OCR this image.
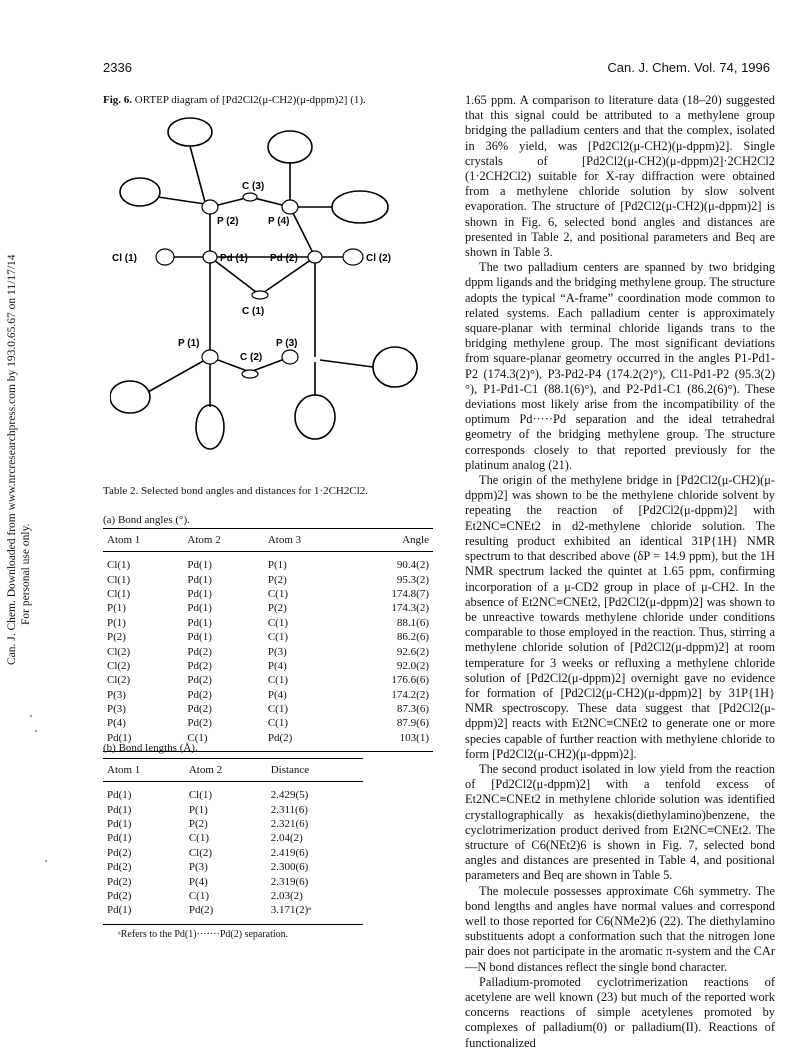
2336	Can. J. Chem. Vol. 74, 1996
Can. J. Chem. Downloaded from www.nrcresearchpress.com by 193.0.65.67 on 11/17/14 For personal use only.
Fig. 6. ORTEP diagram of [Pd2Cl2(μ-CH2)(μ-dppm)2] (1).
P (2)
C (3)
P (4)
Cl (1)	Pd (1) Pd (2)	Cl (2)
C (1)
P (1)	P (3)
C (2)
Table 2. Selected bond angles and distances for 1·2CH2Cl2.
(a) Bond angles (°).
Atom 1	Atom 2	Atom 3	Angle
Cl(1)	Pd(1)	P(1)	90.4(2)
Cl(1)	Pd(1)	P(2)	95.3(2)
Cl(1)	Pd(1)	C(1)	174.8(7)
P(1)	Pd(1)	P(2)	174.3(2)
P(1)	Pd(1)	C(1)	88.1(6)
P(2)	Pd(1)	C(1)	86.2(6)
Cl(2)	Pd(2)	P(3)	92.6(2)
Cl(2)	Pd(2)	P(4)	92.0(2)
Cl(2)	Pd(2)	C(1)	176.6(6)
P(3)	Pd(2)	P(4)	174.2(2)
P(3)	Pd(2)	C(1)	87.3(6)
P(4)	Pd(2)	C(1)	87.9(6)
Pd(1)	C(1)	Pd(2)	103(1)
(b) Bond lengths (Å).
Atom 1	Atom 2	Distance
Pd(1)	Cl(1)	2.429(5)
Pd(1)	P(1)	2.311(6)
Pd(1)	P(2)	2.321(6)
Pd(1)	C(1)	2.04(2)
Pd(2)	Cl(2)	2.419(6)
Pd(2)	P(3)	2.300(6)
Pd(2)	P(4)	2.319(6)
Pd(2)	C(1)	2.03(2)
Pd(1)	Pd(2)	3.171(2)ᵃ
ᵃRefers to the Pd(1)·······Pd(2) separation.

1.65 ppm. A comparison to literature data (18–20) suggested that this signal could be attributed to a methylene group bridging the palladium centers and that the complex, isolated in 36% yield, was [Pd2Cl2(μ-CH2)(μ-dppm)2]. Single crystals of [Pd2Cl2(μ-CH2)(μ-dppm)2]·2CH2Cl2 (1·2CH2Cl2) suitable for X-ray diffraction were obtained from a methylene chloride solution by slow solvent evaporation. The structure of [Pd2Cl2(μ-CH2)(μ-dppm)2] is shown in Fig. 6, selected bond angles and distances are presented in Table 2, and positional parameters and Beq are shown in Table 3.

The two palladium centers are spanned by two bridging dppm ligands and the bridging methylene group. The structure adopts the typical “A-frame” coordination mode common to related systems. Each palladium center is approximately square-planar with terminal chloride ligands trans to the bridging methylene group. The most significant deviations from square-planar geometry occurred in the angles P1-Pd1-P2 (174.3(2)°), P3-Pd2-P4 (174.2(2)°), Cl1-Pd1-P2 (95.3(2)°), P1-Pd1-C1 (88.1(6)°), and P2-Pd1-C1 (86.2(6)°). These deviations most likely arise from the incompatibility of the optimum Pd·····Pd separation and the ideal tetrahedral geometry of the bridging methylene group. The structure corresponds closely to that reported previously for the platinum analog (21).

The origin of the methylene bridge in [Pd2Cl2(μ-CH2)(μ-dppm)2] was shown to be the methylene chloride solvent by repeating the reaction of [Pd2Cl2(μ-dppm)2] with Et2NC≡CNEt2 in d2-methylene chloride solution. The resulting product exhibited an identical 31P{1H} NMR spectrum to that described above (δP = 14.9 ppm), but the 1H NMR spectrum lacked the quintet at 1.65 ppm, confirming incorporation of a μ-CD2 group in place of μ-CH2. In the absence of Et2NC≡CNEt2, [Pd2Cl2(μ-dppm)2] was shown to be unreactive towards methylene chloride under conditions comparable to those employed in the reaction. Thus, stirring a methylene chloride solution of [Pd2Cl2(μ-dppm)2] at room temperature for 3 weeks or refluxing a methylene chloride solution of [Pd2Cl2(μ-dppm)2] overnight gave no evidence for formation of [Pd2Cl2(μ-CH2)(μ-dppm)2] by 31P{1H} NMR spectroscopy. These data suggest that [Pd2Cl2(μ-dppm)2] reacts with Et2NC≡CNEt2 to generate one or more species capable of further reaction with methylene chloride to form [Pd2Cl2(μ-CH2)(μ-dppm)2].

The second product isolated in low yield from the reaction of [Pd2Cl2(μ-dppm)2] with a tenfold excess of Et2NC≡CNEt2 in methylene chloride solution was identified crystallographically as hexakis(diethylamino)benzene, the cyclotrimerization product derived from Et2NC≡CNEt2. The structure of C6(NEt2)6 is shown in Fig. 7, selected bond angles and distances are presented in Table 4, and positional parameters and Beq are shown in Table 5.

The molecule possesses approximate C6h symmetry. The bond lengths and angles have normal values and correspond well to those reported for C6(NMe2)6 (22). The diethylamino substituents adopt a conformation such that the nitrogen lone pair does not participate in the aromatic π-system and the CAr—N bond distances reflect the single bond character.

Palladium-promoted cyclotrimerization reactions of acetylene are well known (23) but much of the reported work concerns reactions of simple acetylenes promoted by complexes of palladium(0) or palladium(II). Reactions of functionalized
